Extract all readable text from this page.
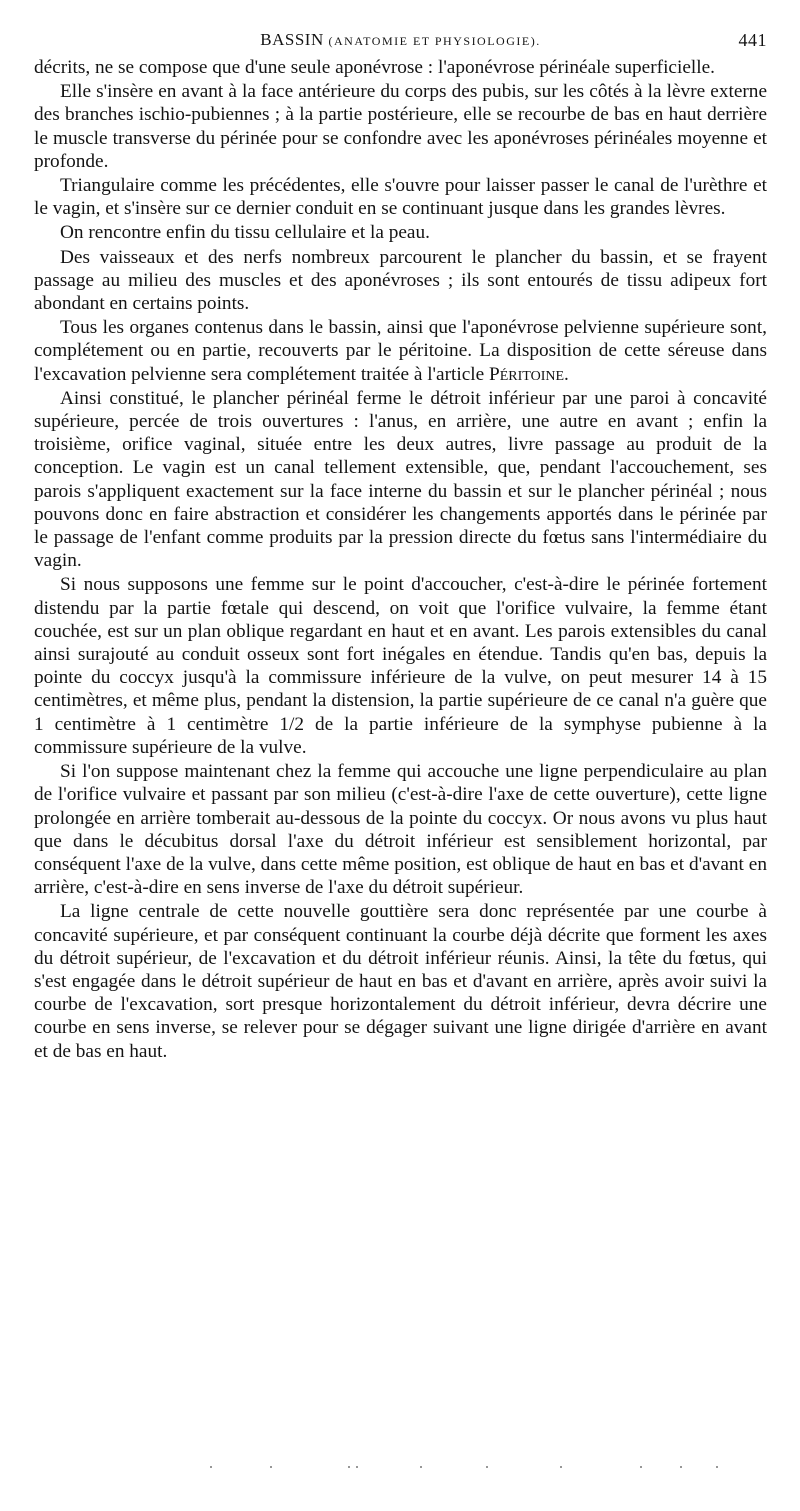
BASSIN (ANATOMIE ET PHYSIOLOGIE).	441

décrits, ne se compose que d'une seule aponévrose : l'aponévrose périnéale superficielle.

Elle s'insère en avant à la face antérieure du corps des pubis, sur les côtés à la lèvre externe des branches ischio-pubiennes ; à la partie postérieure, elle se recourbe de bas en haut derrière le muscle transverse du périnée pour se confondre avec les aponévroses périnéales moyenne et profonde.

Triangulaire comme les précédentes, elle s'ouvre pour laisser passer le canal de l'urèthre et le vagin, et s'insère sur ce dernier conduit en se continuant jusque dans les grandes lèvres.

On rencontre enfin du tissu cellulaire et la peau.

Des vaisseaux et des nerfs nombreux parcourent le plancher du bassin, et se frayent passage au milieu des muscles et des aponévroses ; ils sont entourés de tissu adipeux fort abondant en certains points.

Tous les organes contenus dans le bassin, ainsi que l'aponévrose pelvienne supérieure sont, complétement ou en partie, recouverts par le péritoine. La disposition de cette séreuse dans l'excavation pelvienne sera complétement traitée à l'article Péritoine.

Ainsi constitué, le plancher périnéal ferme le détroit inférieur par une paroi à concavité supérieure, percée de trois ouvertures : l'anus, en arrière, une autre en avant ; enfin la troisième, orifice vaginal, située entre les deux autres, livre passage au produit de la conception. Le vagin est un canal tellement extensible, que, pendant l'accouchement, ses parois s'appliquent exactement sur la face interne du bassin et sur le plancher périnéal ; nous pouvons donc en faire abstraction et considérer les changements apportés dans le périnée par le passage de l'enfant comme produits par la pression directe du fœtus sans l'intermédiaire du vagin.

Si nous supposons une femme sur le point d'accoucher, c'est-à-dire le périnée fortement distendu par la partie fœtale qui descend, on voit que l'orifice vulvaire, la femme étant couchée, est sur un plan oblique regardant en haut et en avant. Les parois extensibles du canal ainsi surajouté au conduit osseux sont fort inégales en étendue. Tandis qu'en bas, depuis la pointe du coccyx jusqu'à la commissure inférieure de la vulve, on peut mesurer 14 à 15 centimètres, et même plus, pendant la distension, la partie supérieure de ce canal n'a guère que 1 centimètre à 1 centimètre 1/2 de la partie inférieure de la symphyse pubienne à la commissure supérieure de la vulve.

Si l'on suppose maintenant chez la femme qui accouche une ligne perpendiculaire au plan de l'orifice vulvaire et passant par son milieu (c'est-à-dire l'axe de cette ouverture), cette ligne prolongée en arrière tomberait au-dessous de la pointe du coccyx. Or nous avons vu plus haut que dans le décubitus dorsal l'axe du détroit inférieur est sensiblement horizontal, par conséquent l'axe de la vulve, dans cette même position, est oblique de haut en bas et d'avant en arrière, c'est-à-dire en sens inverse de l'axe du détroit supérieur.

La ligne centrale de cette nouvelle gouttière sera donc représentée par une courbe à concavité supérieure, et par conséquent continuant la courbe déjà décrite que forment les axes du détroit supérieur, de l'excavation et du détroit inférieur réunis. Ainsi, la tête du fœtus, qui s'est engagée dans le détroit supérieur de haut en bas et d'avant en arrière, après avoir suivi la courbe de l'excavation, sort presque horizontalement du détroit inférieur, devra décrire une courbe en sens inverse, se relever pour se dégager suivant une ligne dirigée d'arrière en avant et de bas en haut.
